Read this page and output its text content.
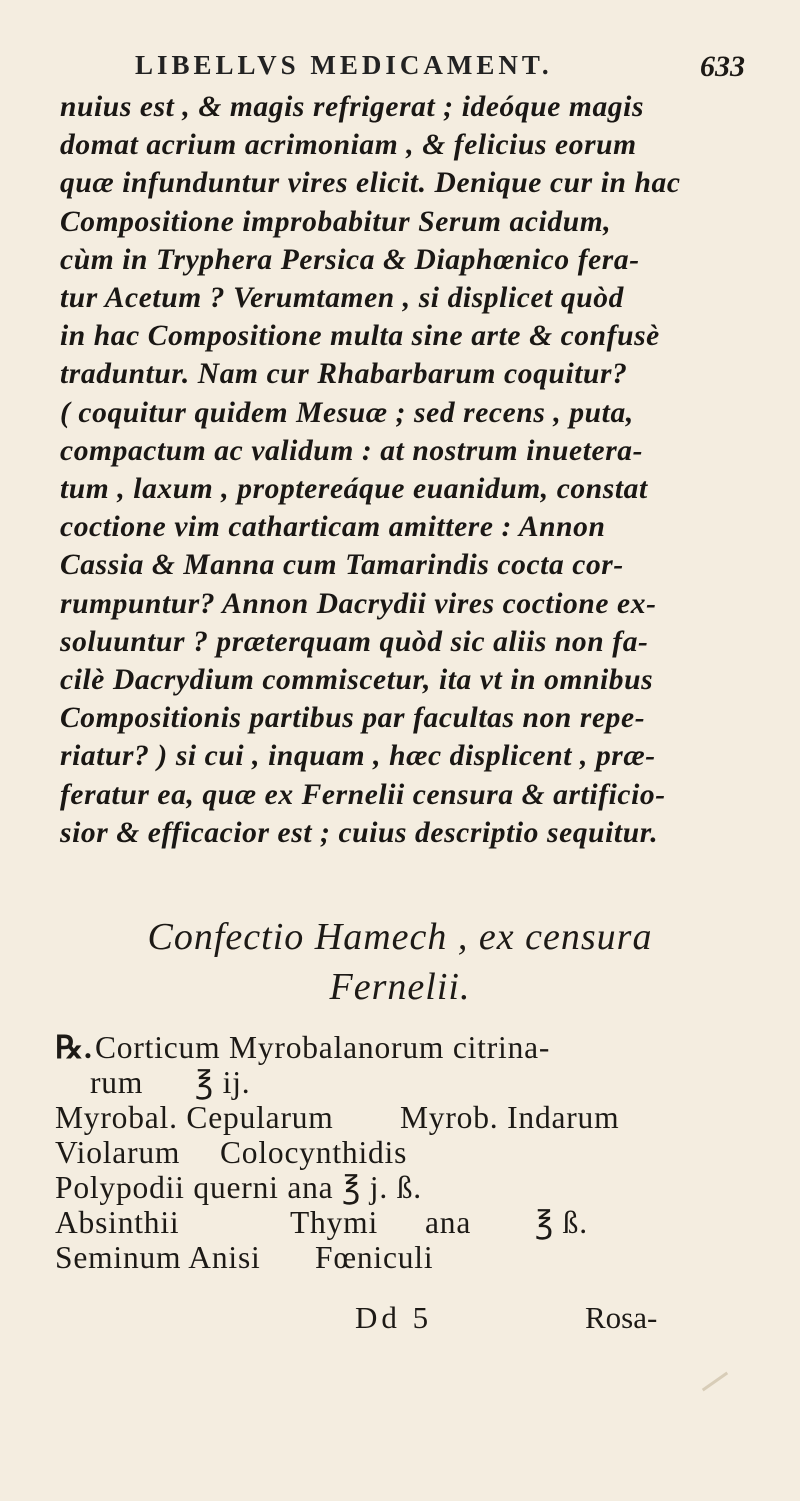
LIBELLVS MEDICAMENT.	633
nuius est , & magis refrigerat ; ideóque magis
domat acrium acrimoniam , & felicius eorum
quæ infunduntur vires elicit. Denique cur in hac
Compositione improbabitur Serum acidum,
cùm in Tryphera Persica & Diaphœnico fera-
tur Acetum ? Verumtamen , si displicet quòd
in hac Compositione multa sine arte & confusè
traduntur. Nam cur Rhabarbarum coquitur?
( coquitur quidem Mesuæ ; sed recens , puta,
compactum ac validum : at nostrum inuetera-
tum , laxum , proptereáque euanidum, constat
coctione vim catharticam amittere : Annon
Cassia & Manna cum Tamarindis cocta cor-
rumpuntur? Annon Dacrydii vires coctione ex-
soluuntur ? præterquam quòd sic aliis non fa-
cilè Dacrydium commiscetur, ita vt in omnibus
Compositionis partibus par facultas non repe-
riatur? ) si cui , inquam , hæc displicent , præ-
feratur ea, quæ ex Fernelii censura & artificio-
sior & efficacior est ; cuius descriptio sequitur.
Confectio Hamech , ex censura
Fernelii.
℞. Corticum Myrobalanorum citrina-
rum ℥ ij.
Myrobal. Cepularum Myrob. Indarum
Violarum Colocynthidis
Polypodii querni ana ℥ j. ß.
Absinthii	Thymi ana ℥ ß.
Seminum Anisi Fœniculi
Dd 5	Rosa-
